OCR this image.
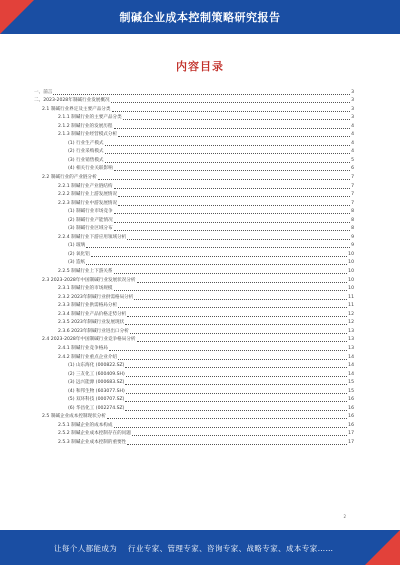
制碱企业成本控制策略研究报告
内容目录
一、前言	3
二、2023-2028年制碱行业发展概况	3
2.1 制碱行业界定及主要产品分类	3
2.1.1 制碱行业的主要产品分类	3
2.1.2 制碱行业的发展历程	4
2.1.3 制碱行业经营模式分析	4
(1) 行业生产模式	4
(2) 行业采购模式	4
(3) 行业销售模式	5
(4) 相关行业关联影响	6
2.2 制碱行业的产业链分析	7
2.2.1 制碱行业产业链结构	7
2.2.2 制碱行业上游发展情况	7
2.2.3 制碱行业中游发展情况	7
(1) 制碱行业市场竞争	8
(2) 制碱行业产能情况	8
(3) 制碱行业区域分布	8
2.2.4 制碱行业下游应用领域分析	9
(1) 玻璃	9
(2) 氧化铝	10
(3) 造纸	10
2.2.5 制碱行业上下游关系	10
2.3 2023-2028年中国制碱行业发展状况分析	10
2.3.1 制碱行业的市场规模	10
2.3.2 2023年制碱行业供需格局分析	11
2.3.3 制碱行业供需格局分析	11
2.3.4 制碱行业产品价格走势分析	12
2.3.5 2023年制碱行业发展现状	12
2.3.6 2023年制碱行业进出口分析	13
2.4 2023-2028年中国制碱行业竞争格局分析	13
2.4.1 制碱行业竞争格局	13
2.4.2 制碱行业重点企业介绍	14
(1) 山东海化 (000822.SZ)	14
(2) 三友化工 (600409.SH)	14
(3) 远兴能源 (000683.SZ)	15
(4) 和邦生物 (603077.SH)	15
(5) 双环科技 (000707.SZ)	16
(6) 华昌化工 (002274.SZ)	16
2.5 制碱企业成本控制现状分析	16
2.5.1 制碱企业的成本构成	16
2.5.2 制碱企业成本控制存在的问题	17
2.5.3 制碱企业成本控制的重要性	17
2
让每个人都能成为 行业专家、管理专家、咨询专家、战略专家、成本专家……
